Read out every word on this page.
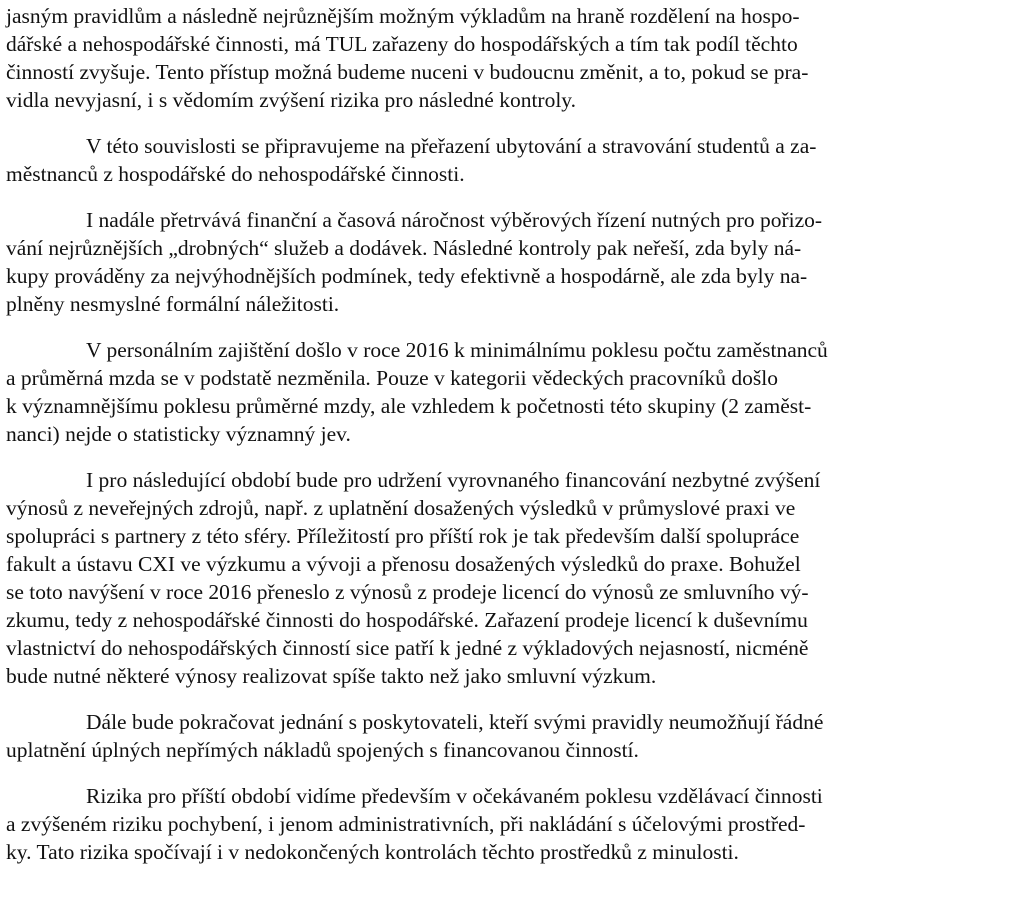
jasným pravidlům a následně nejrůznějším možným výkladům na hraně rozdělení na hospo-
dářské a nehospodářské činnosti, má TUL zařazeny do hospodářských a tím tak podíl těchto
činností zvyšuje. Tento přístup možná budeme nuceni v budoucnu změnit, a to, pokud se pra-
vidla nevyjasní, i s vědomím zvýšení rizika pro následné kontroly.

V této souvislosti se připravujeme na přeřazení ubytování a stravování studentů a za-
městnanců z hospodářské do nehospodářské činnosti.

I nadále přetrvává finanční a časová náročnost výběrových řízení nutných pro pořizo-
vání nejrůznějších „drobných“ služeb a dodávek. Následné kontroly pak neřeší, zda byly ná-
kupy prováděny za nejvýhodnějších podmínek, tedy efektivně a hospodárně, ale zda byly na-
plněny nesmyslné formální náležitosti.

V personálním zajištění došlo v roce 2016 k minimálnímu poklesu počtu zaměstnanců
a průměrná mzda se v podstatě nezměnila. Pouze v kategorii vědeckých pracovníků došlo
k významnějšímu poklesu průměrné mzdy, ale vzhledem k početnosti této skupiny (2 zaměst-
nanci) nejde o statisticky významný jev.

I pro následující období bude pro udržení vyrovnaného financování nezbytné zvýšení
výnosů z neveřejných zdrojů, např. z uplatnění dosažených výsledků v průmyslové praxi ve
spolupráci s partnery z této sféry. Příležitostí pro příští rok je tak především další spolupráce
fakult a ústavu CXI ve výzkumu a vývoji a přenosu dosažených výsledků do praxe. Bohužel
se toto navýšení v roce 2016 přeneslo z výnosů z prodeje licencí do výnosů ze smluvního vý-
zkumu, tedy z nehospodářské činnosti do hospodářské. Zařazení prodeje licencí k duševnímu
vlastnictví do nehospodářských činností sice patří k jedné z výkladových nejasností, nicméně
bude nutné některé výnosy realizovat spíše takto než jako smluvní výzkum.

Dále bude pokračovat jednání s poskytovateli, kteří svými pravidly neumožňují řádné
uplatnění úplných nepřímých nákladů spojených s financovanou činností.

Rizika pro příští období vidíme především v očekávaném poklesu vzdělávací činnosti
a zvýšeném riziku pochybení, i jenom administrativních, při nakládání s účelovými prostřed-
ky. Tato rizika spočívají i v nedokončených kontrolách těchto prostředků z minulosti.
